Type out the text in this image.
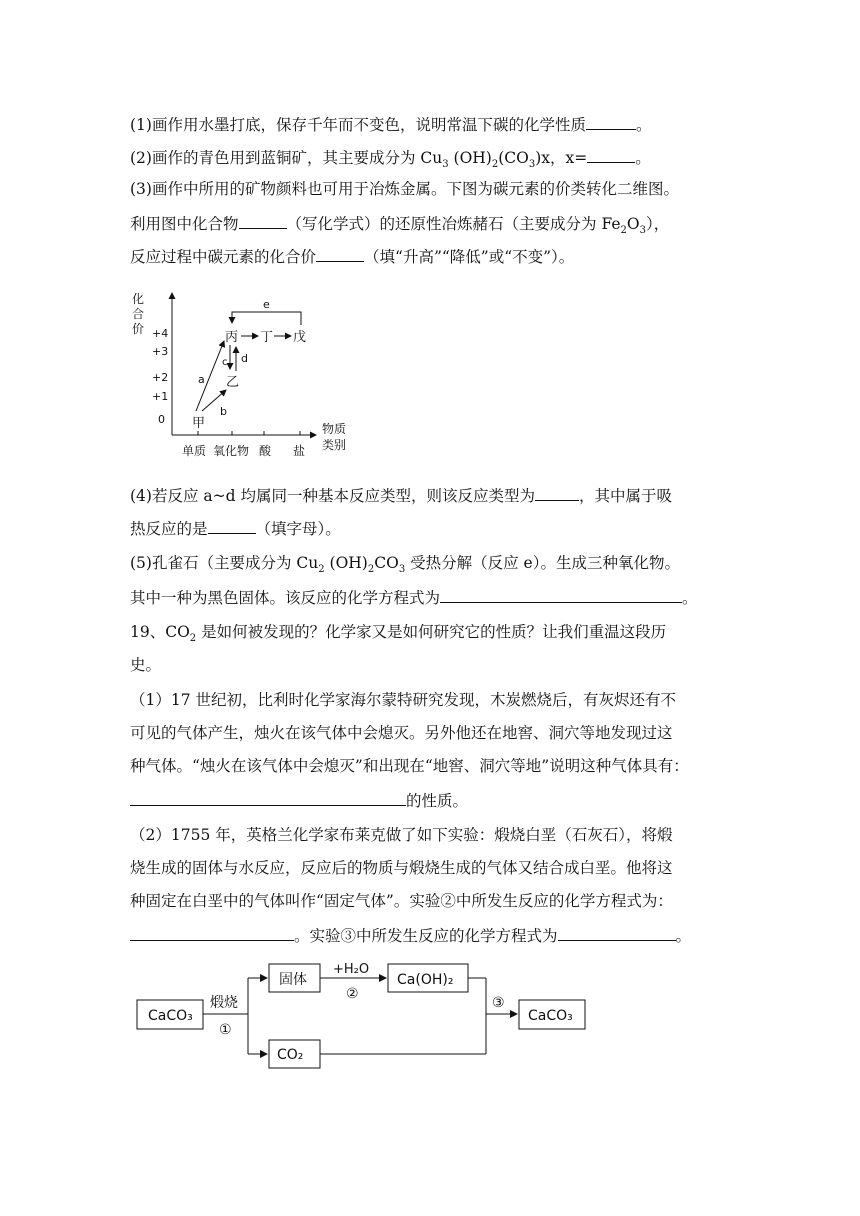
(1)画作用水墨打底，保存千年而不变色，说明常温下碳的化学性质	。
(2)画作的青色用到蓝铜矿，其主要成分为 $Cu_3$ $(OH)_2(CO_3)x$，x=	。
(3)画作中所用的矿物颜料也可用于冶炼金属。下图为碳元素的价类转化二维图。
利用图中化合物	（写化学式）的还原性冶炼赭石（主要成分为 $Fe_2O_3$），
反应过程中碳元素的化合价	（填“升高”“降低”或“不变”）。
化
合
价 +4
+3
+2
+1
0
单质 氧化物 酸 盐
物质
类别
甲
乙
丙 丁 戊
a
b
c d
e
(4)若反应 a~d 均属同一种基本反应类型，则该反应类型为	，其中属于吸
热反应的是	（填字母）。
(5)孔雀石（主要成分为 $Cu_2$ $(OH)_2CO_3$ 受热分解（反应 e）。生成三种氧化物。
其中一种为黑色固体。该反应的化学方程式为	。
19、$CO_2$ 是如何被发现的？化学家又是如何研究它的性质？让我们重温这段历
史。
（1）17 世纪初，比利时化学家海尔蒙特研究发现，木炭燃烧后，有灰烬还有不
可见的气体产生，烛火在该气体中会熄灭。另外他还在地窖、洞穴等地发现过这
种气体。“烛火在该气体中会熄灭”和出现在“地窖、洞穴等地”说明这种气体具有：
的性质。
（2）1755 年，英格兰化学家布莱克做了如下实验：煅烧白垩（石灰石），将煅
烧生成的固体与水反应，反应后的物质与煅烧生成的气体又结合成白垩。他将这
种固定在白垩中的气体叫作“固定气体”。实验②中所发生反应的化学方程式为：
。实验③中所发生反应的化学方程式为	。
CaCO₃
固体	Ca(OH)₂
CO₂
CaCO₃
煅烧
①
+H₂O
②
③
